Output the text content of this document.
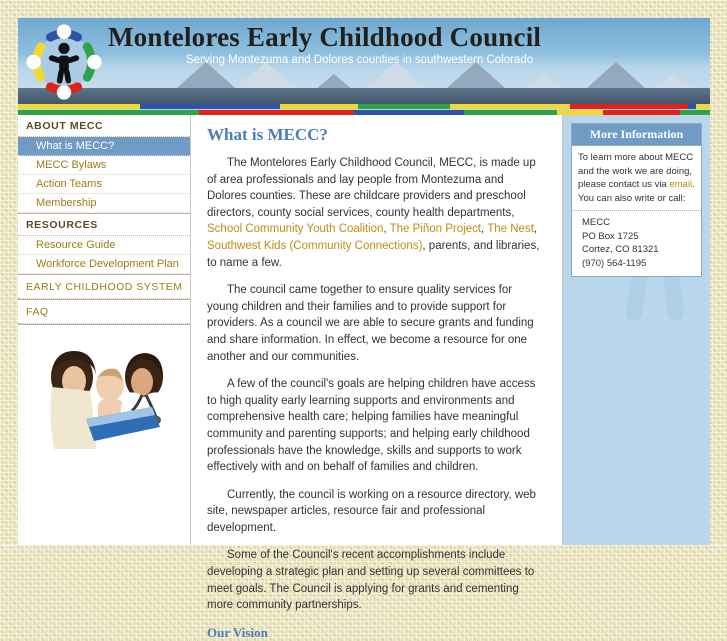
Montelores Early Childhood Council
Serving Montezuma and Dolores counties in southwestern Colorado
ABOUT MECC
What is MECC?
MECC Bylaws
Action Teams
Membership
RESOURCES
Resource Guide
Workforce Development Plan
EARLY CHILDHOOD SYSTEM
FAQ
What is MECC?

The Montelores Early Childhood Council, MECC, is made up of area professionals and lay people from Montezuma and Dolores counties. These are childcare providers and preschool directors, county social services, county health departments, School Community Youth Coalition, The Piñon Project, The Nest, Southwest Kids (Community Connections), parents, and libraries, to name a few.

The council came together to ensure quality services for young children and their families and to provide support for providers. As a council we are able to secure grants and funding and share information. In effect, we become a resource for one another and our communities.

A few of the council's goals are helping children have access to high quality early learning supports and environments and comprehensive health care; helping families have meaningful community and parenting supports; and helping early childhood professionals have the knowledge, skills and supports to work effectively with and on behalf of families and children.

Currently, the council is working on a resource directory, web site, newspaper articles, resource fair and professional development.

Some of the Council's recent accomplishments include developing a strategic plan and setting up several committees to meet goals. The Council is applying for grants and cementing more community partnerships.

Our Vision
More Information
To learn more about MECC and the work we are doing, please contact us via email. You can also write or call:
MECC
PO Box 1725
Cortez, CO 81321
(970) 564-1195
